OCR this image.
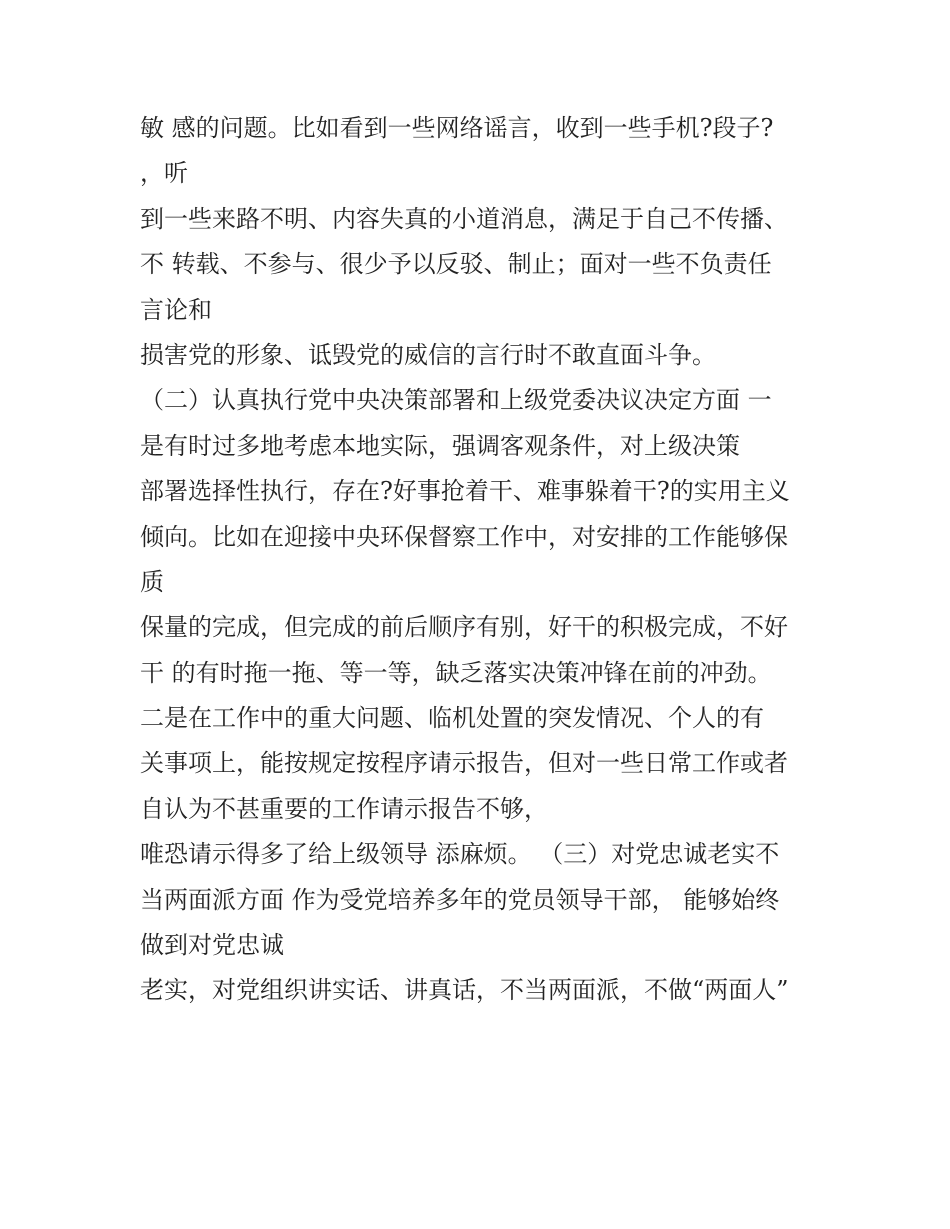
敏 感的问题。比如看到一些网络谣言，收到一些手机?段子?
，听
到一些来路不明、内容失真的小道消息，满足于自己不传播、
不 转载、不参与、很少予以反驳、制止；面对一些不负责任
言论和
损害党的形象、诋毁党的威信的言行时不敢直面斗争。
（二）认真执行党中央决策部署和上级党委决议决定方面 一
是有时过多地考虑本地实际，强调客观条件，对上级决策
部署选择性执行，存在?好事抢着干、难事躲着干?的实用主义
倾向。比如在迎接中央环保督察工作中，对安排的工作能够保
质
保量的完成，但完成的前后顺序有别，好干的积极完成，不好
干 的有时拖一拖、等一等，缺乏落实决策冲锋在前的冲劲。
二是在工作中的重大问题、临机处置的突发情况、个人的有
关事项上，能按规定按程序请示报告，但对一些日常工作或者
自认为不甚重要的工作请示报告不够，
唯恐请示得多了给上级领导 添麻烦。 （三）对党忠诚老实不
当两面派方面 作为受党培养多年的党员领导干部， 能够始终
做到对党忠诚
老实，对党组织讲实话、讲真话，不当两面派，不做“两面人”
